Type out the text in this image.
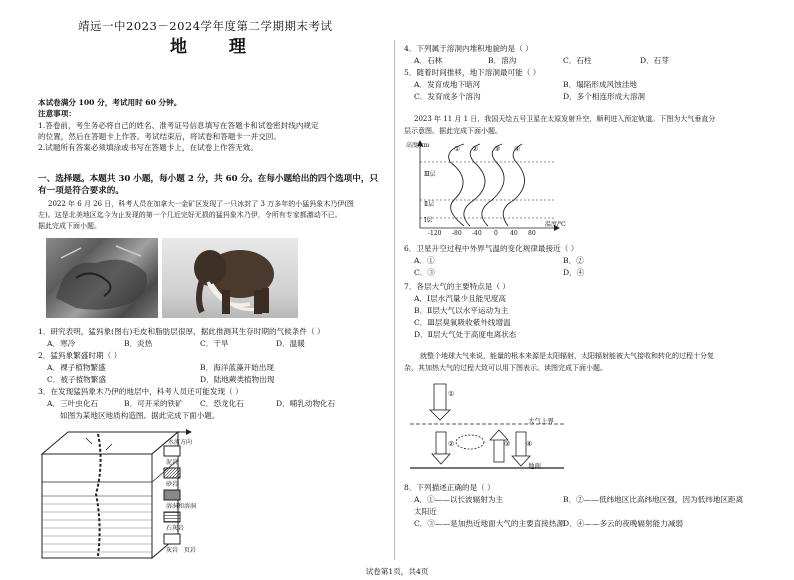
靖远一中2023－2024学年度第二学期期末考试
地 理
本试卷满分 100 分，考试用时 60 分钟。
注意事项：
1.答卷前，考生务必将自己的姓名、准考证号信息填写在答题卡和试卷密封线内规定
的位置，然后在答题卡上作答。考试结束后，将试卷和答题卡一并交回。
2.试题所有答案必须填涂或书写在答题卡上，在试卷上作答无效。
一、选择题。本题共 30 小题，每小题 2 分，共 60 分。在每小题给出的四个选项中，只
有一项是符合要求的。
2022 年 6 月 26 日，科考人员在加拿大一金矿区发现了一只冰封了 3 万多年的小猛犸象木乃伊(图
左)。这是北美地区迄今为止发现的第一个几近完好无损的猛犸象木乃伊，令所有专家都激动不已。
据此完成下面小题。
1．研究表明，猛犸象(图右)毛皮和脂肪层很厚，据此推测其生存时期的气候条件（ ）
A．寒冷	B．炎热	C．干旱	D．温暖
2．猛犸象繁盛时期（ ）
A．裸子植物繁盛	B．海洋蓝藻开始出现
C．被子植物繁盛	D．陆地蕨类植物出现
3．在发现猛犸象木乃伊的地层中，科考人员还可能发现（ ）
A．三叶虫化石	B．可开采的铁矿 C．恐龙化石	D．哺乳动物化石
如图为某地区地质构造图。据此完成下面小题。
水流方向
泥岩
砂岩
溶洞和溶洞
石灰岩
灰岩 页岩
4．下列属于溶洞内堆积地貌的是（ ）
A．石林	B．溶沟	C．石柱	D．石芽
5．随着时间推移，地下溶洞最可能（ ）
A．发育成地下暗河	B．塌陷形成风蚀洼地
C．发育成多个溶沟	D．多个相连形成大溶洞
2023 年 11 月 1 日，我国天绘五号卫星在太原发射升空，顺利进入预定轨道。下图为大气垂直分
层示意图。据此完成下面小题。
高度/km
温度/℃
Ⅲ层
Ⅱ层
Ⅰ层
① ② ③ ④
-120 -80 -40 0 40 80
6．卫星升空过程中外界气温的变化规律最接近（ ）
A．①	B．②
C．③	D．④
7．各层大气的主要特点是（ ）
A．Ⅰ层水汽量少且能见度高
B．Ⅱ层大气以水平运动为主
C．Ⅲ层臭氧吸收紫外线增温
D．Ⅱ层大气处于高度电离状态
就整个地球大气来说，能量的根本来源是太阳辐射，太阳辐射能被大气接收和转化的过程十分复
杂，其加热大气的过程大致可以用下图表示。读图完成下面小题。
大气上界
地面
①
②	③ ④
8．下列描述正确的是（ ）
A．①——以长波辐射为主	B．②——低纬地区比高纬地区强，因为低纬地区距离
太阳近
C．③——是加热近地面大气的主要直接热源
D．④——多云的夜晚辐射能力减弱
试卷第1页，共4页
